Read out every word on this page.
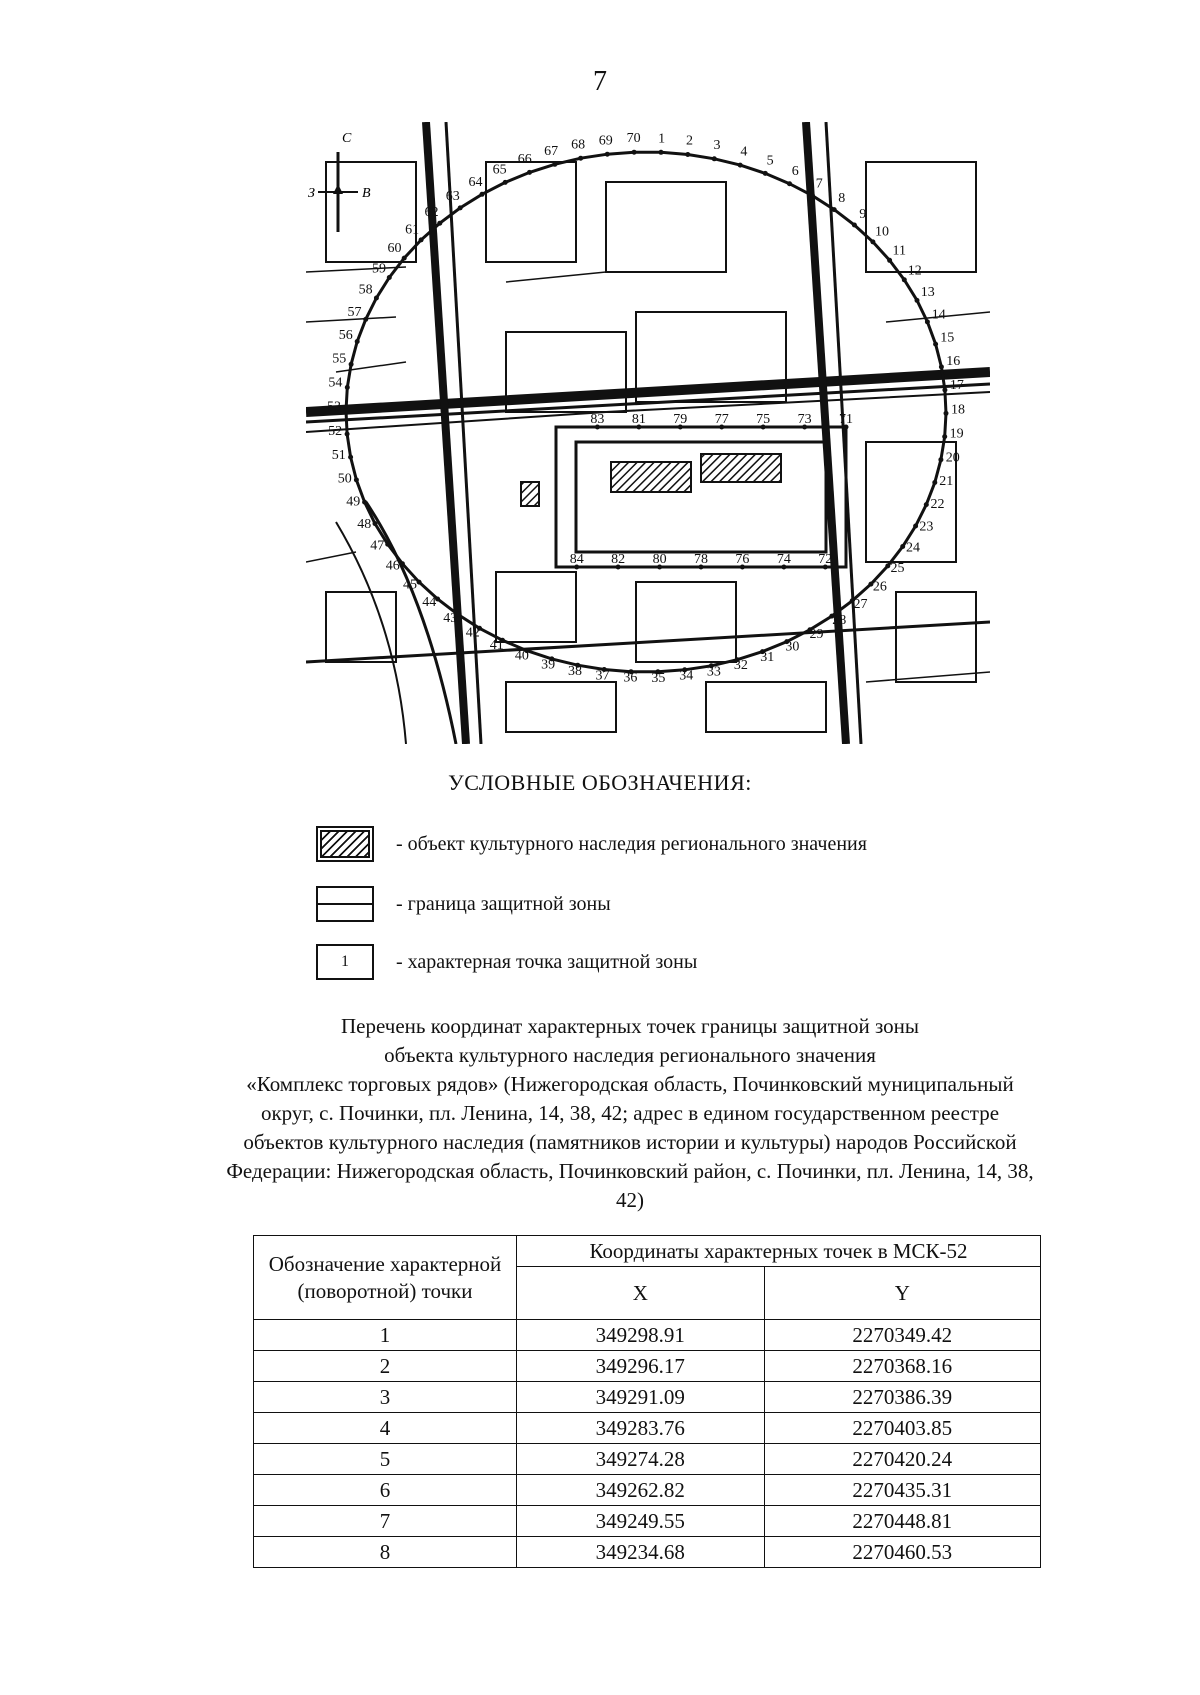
7
1 2 3 4
5
6
7
8
9
10
11
12
13
14
15
16
17
18
19
20
21
22
23
24
25
26
27
28
29
30
31
32
33
34
35
36
37
38
39
40
41
42
43
44
45
46
47
48
49
50
51
52
53
54
55
56
57
58
59
60
61
62
63
64
65
66
67 68 69 70
71
72
73
74
75
76
77
78
79
80
81
82
83
84
С
В
З
УСЛОВНЫЕ ОБОЗНАЧЕНИЯ:
- объект культурного наследия регионального значения
- граница защитной зоны
1 - характерная точка защитной зоны
Перечень координат характерных точек границы защитной зоны
объекта культурного наследия регионального значения
«Комплекс торговых рядов» (Нижегородская область, Починковский муниципальный
округ, с. Починки, пл. Ленина, 14, 38, 42; адрес в едином государственном реестре
объектов культурного наследия (памятников истории и культуры) народов Российской
Федерации: Нижегородская область, Починковский район, с. Починки, пл. Ленина, 14, 38,
42)
Обозначение характерной (поворотной) точки	Координаты характерных точек в МСК-52	
	X	Y
1	349298.91	2270349.42
2	349296.17	2270368.16
3	349291.09	2270386.39
4	349283.76	2270403.85
5	349274.28	2270420.24
6	349262.82	2270435.31
7	349249.55	2270448.81
8	349234.68	2270460.53
